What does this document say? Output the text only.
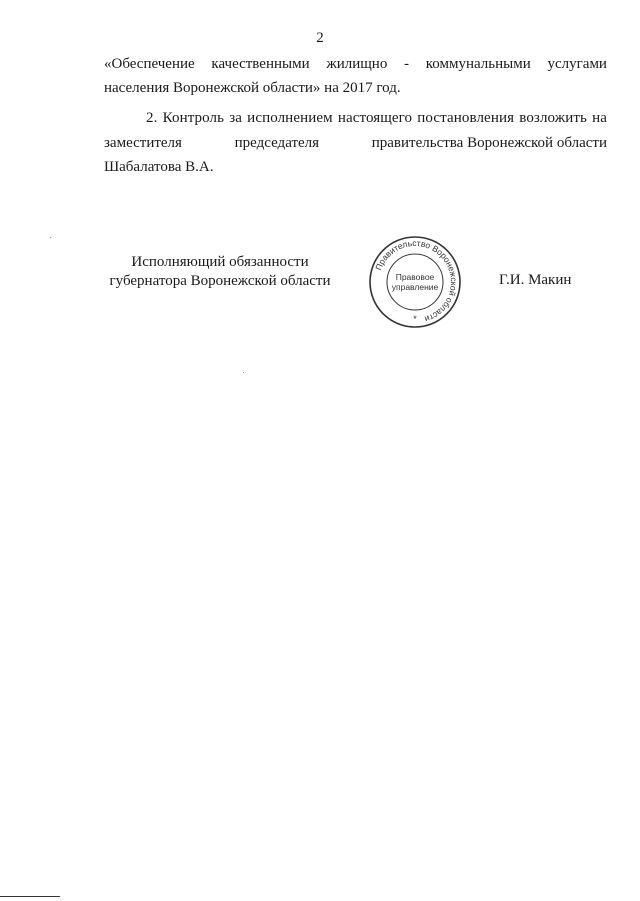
2
«Обеспечение качественными жилищно - коммунальными услугами
населения Воронежской области» на 2017 год.
2. Контроль за исполнением настоящего постановления возложить на
заместителя	председателя	правительства Воронежской области
Шабалатова В.А.
Исполняющий обязанности
губернатора Воронежской области
Правительство Воронежской области
Правовое
управление
*
Г.И. Макин
